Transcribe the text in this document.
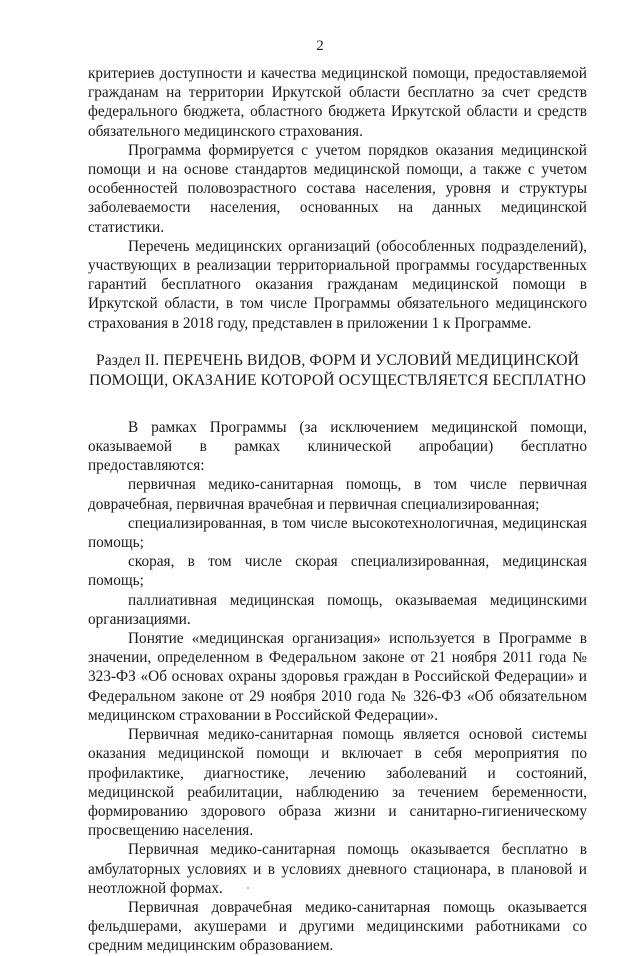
2

критериев доступности и качества медицинской помощи, предоставляемой гражданам на территории Иркутской области бесплатно за счет средств федерального бюджета, областного бюджета Иркутской области и средств обязательного медицинского страхования.

Программа формируется с учетом порядков оказания медицинской помощи и на основе стандартов медицинской помощи, а также с учетом особенностей половозрастного состава населения, уровня и структуры заболеваемости населения, основанных на данных медицинской статистики.

Перечень медицинских организаций (обособленных подразделений), участвующих в реализации территориальной программы государственных гарантий бесплатного оказания гражданам медицинской помощи в Иркутской области, в том числе Программы обязательного медицинского страхования в 2018 году, представлен в приложении 1 к Программе.

Раздел II. ПЕРЕЧЕНЬ ВИДОВ, ФОРМ И УСЛОВИЙ МЕДИЦИНСКОЙ
ПОМОЩИ, ОКАЗАНИЕ КОТОРОЙ ОСУЩЕСТВЛЯЕТСЯ БЕСПЛАТНО

В рамках Программы (за исключением медицинской помощи, оказываемой в рамках клинической апробации) бесплатно предоставляются:

первичная медико-санитарная помощь, в том числе первичная доврачебная, первичная врачебная и первичная специализированная;

специализированная, в том числе высокотехнологичная, медицинская помощь;

скорая, в том числе скорая специализированная, медицинская помощь;

паллиативная медицинская помощь, оказываемая медицинскими организациями.

Понятие «медицинская организация» используется в Программе в значении, определенном в Федеральном законе от 21 ноября 2011 года № 323-ФЗ «Об основах охраны здоровья граждан в Российской Федерации» и Федеральном законе от 29 ноября 2010 года № 326-ФЗ «Об обязательном медицинском страховании в Российской Федерации».

Первичная медико-санитарная помощь является основой системы оказания медицинской помощи и включает в себя мероприятия по профилактике, диагностике, лечению заболеваний и состояний, медицинской реабилитации, наблюдению за течением беременности, формированию здорового образа жизни и санитарно-гигиеническому просвещению населения.

Первичная медико-санитарная помощь оказывается бесплатно в амбулаторных условиях и в условиях дневного стационара, в плановой и неотложной формах.

Первичная доврачебная медико-санитарная помощь оказывается фельдшерами, акушерами и другими медицинскими работниками со средним медицинским образованием.
